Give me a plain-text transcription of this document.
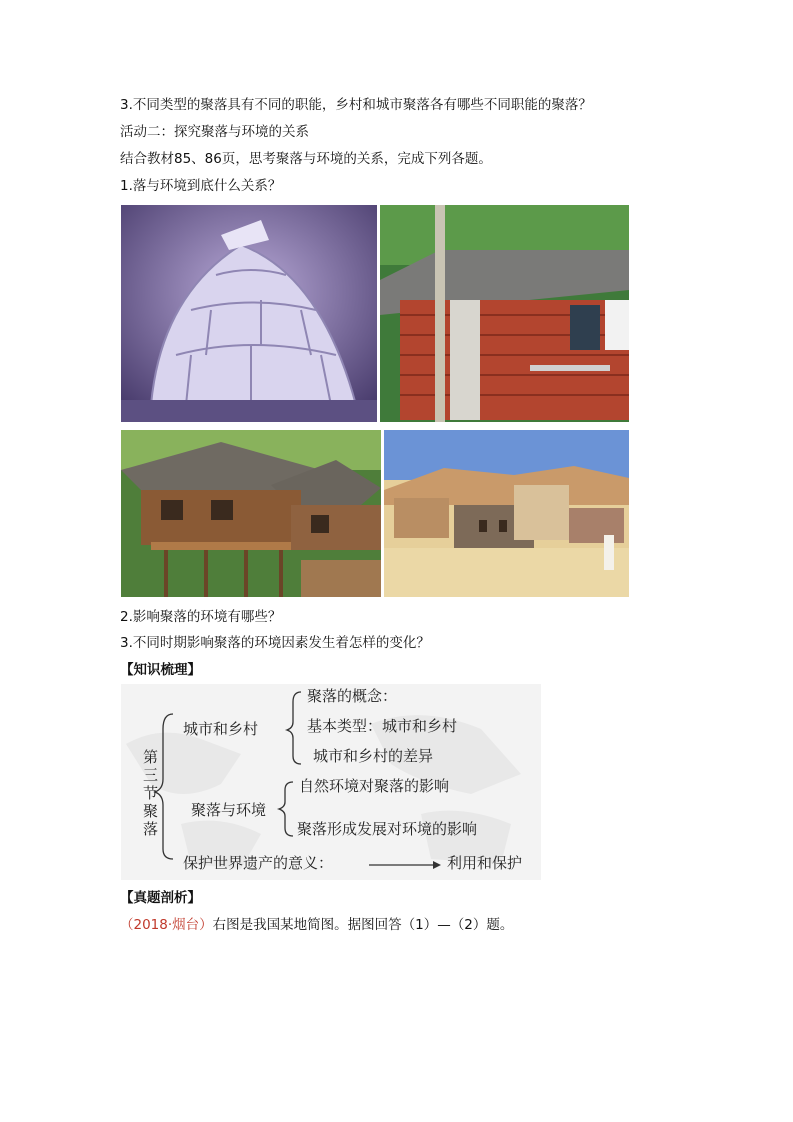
3.不同类型的聚落具有不同的职能，乡村和城市聚落各有哪些不同职能的聚落？
活动二：探究聚落与环境的关系
结合教材85、86页，思考聚落与环境的关系，完成下列各题。
1.落与环境到底什么关系？
2.影响聚落的环境有哪些？
3.不同时期影响聚落的环境因素发生着怎样的变化？
【知识梳理】
第
三
节
聚
落
城市和乡村
聚落的概念：
基本类型：城市和乡村
城市和乡村的差异
聚落与环境
自然环境对聚落的影响
聚落形成发展对环境的影响
保护世界遗产的意义：	利用和保护
【真题剖析】
（2018·烟台）右图是我国某地简图。据图回答（1）—（2）题。
